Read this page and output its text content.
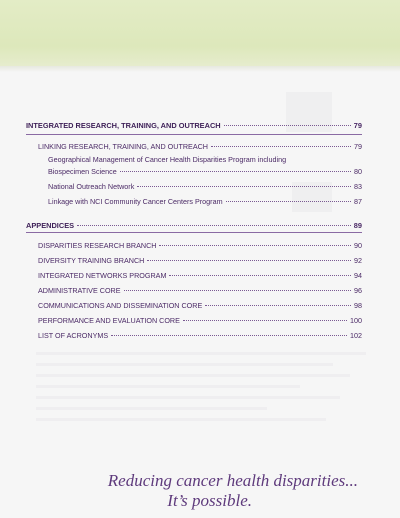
INTEGRATED RESEARCH, TRAINING, AND OUTREACH	79
LINKING RESEARCH, TRAINING, AND OUTREACH	79
Geographical Management of Cancer Health Disparities Program including
Biospecimen Science	80
National Outreach Network	83
Linkage with NCI Community Cancer Centers Program	87
APPENDICES	89
DISPARITIES RESEARCH BRANCH	90
DIVERSITY TRAINING BRANCH	92
INTEGRATED NETWORKS PROGRAM	94
ADMINISTRATIVE CORE	96
COMMUNICATIONS AND DISSEMINATION CORE	98
PERFORMANCE AND EVALUATION CORE	100
LIST OF ACRONYMS	102
Reducing cancer health disparities...
It’s possible.
